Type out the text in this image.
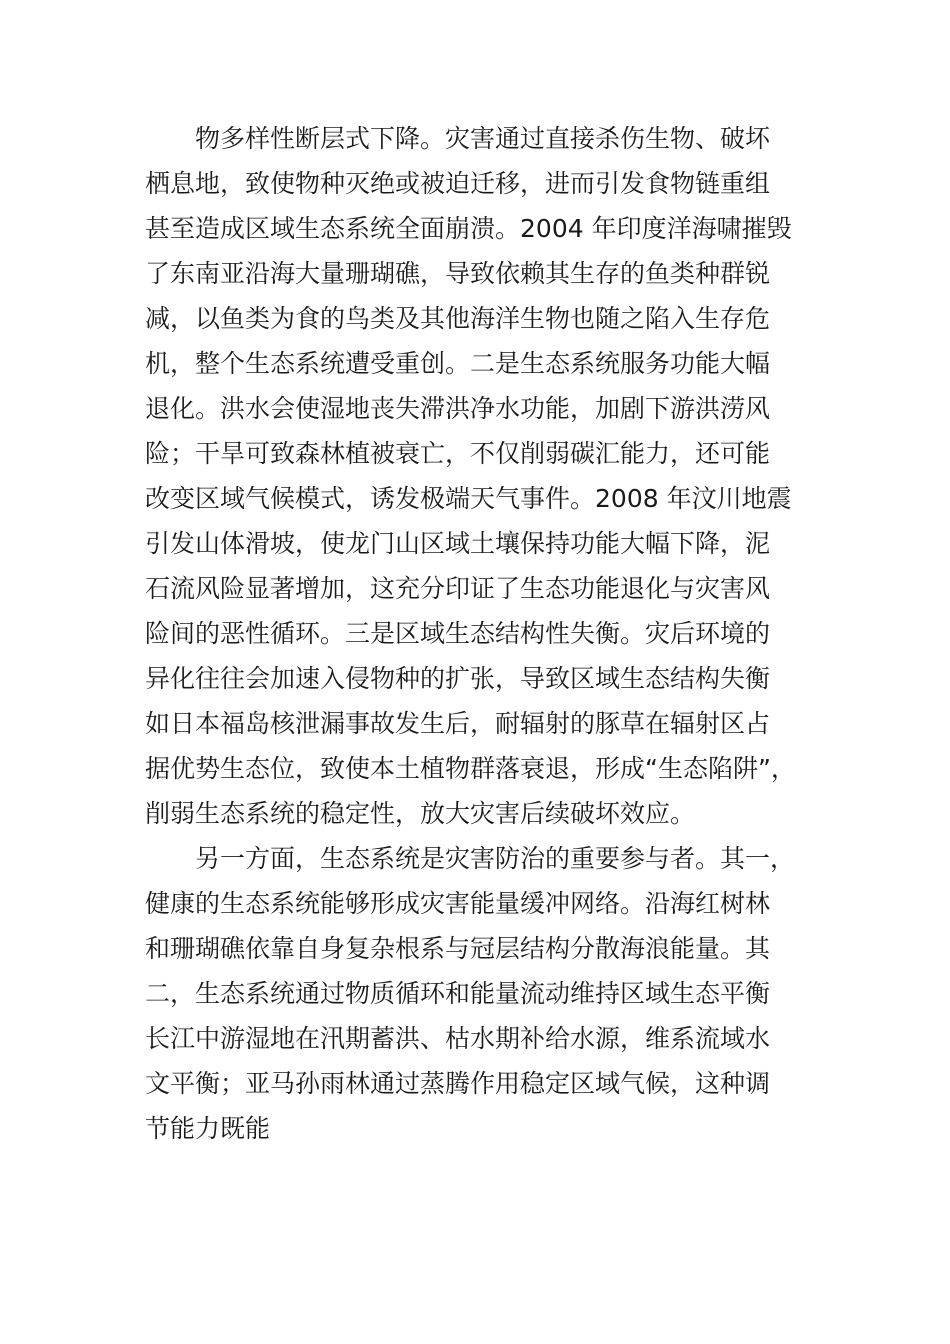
物多样性断层式下降。灾害通过直接杀伤生物、破坏
栖息地，致使物种灭绝或被迫迁移，进而引发食物链重组
甚至造成区域生态系统全面崩溃。2004 年印度洋海啸摧毁
了东南亚沿海大量珊瑚礁，导致依赖其生存的鱼类种群锐
减，以鱼类为食的鸟类及其他海洋生物也随之陷入生存危
机，整个生态系统遭受重创。二是生态系统服务功能大幅
退化。洪水会使湿地丧失滞洪净水功能，加剧下游洪涝风
险；干旱可致森林植被衰亡，不仅削弱碳汇能力，还可能
改变区域气候模式，诱发极端天气事件。2008 年汶川地震
引发山体滑坡，使龙门山区域土壤保持功能大幅下降，泥
石流风险显著增加，这充分印证了生态功能退化与灾害风
险间的恶性循环。三是区域生态结构性失衡。灾后环境的
异化往往会加速入侵物种的扩张，导致区域生态结构失衡
如日本福岛核泄漏事故发生后，耐辐射的豚草在辐射区占
据优势生态位，致使本土植物群落衰退，形成“生态陷阱”，
削弱生态系统的稳定性，放大灾害后续破坏效应。
另一方面，生态系统是灾害防治的重要参与者。其一，
健康的生态系统能够形成灾害能量缓冲网络。沿海红树林
和珊瑚礁依靠自身复杂根系与冠层结构分散海浪能量。其
二，生态系统通过物质循环和能量流动维持区域生态平衡
长江中游湿地在汛期蓄洪、枯水期补给水源，维系流域水
文平衡；亚马孙雨林通过蒸腾作用稳定区域气候，这种调
节能力既能
